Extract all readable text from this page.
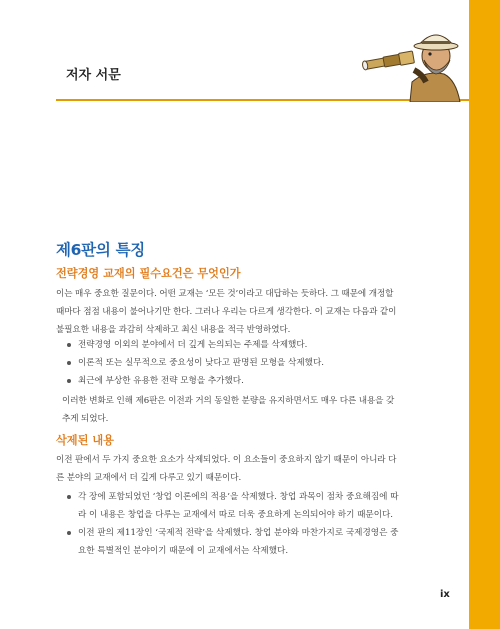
저자 서문
제6판의 특징
전략경영 교재의 필수요건은 무엇인가
이는 매우 중요한 질문이다. 어떤 교재는 ‘모든 것’이라고 대답하는 듯하다. 그 때문에 개정할
때마다 점점 내용이 불어나기만 한다. 그러나 우리는 다르게 생각한다. 이 교재는 다음과 같이
불필요한 내용을 과감히 삭제하고 최신 내용을 적극 반영하였다.
전략경영 이외의 분야에서 더 깊게 논의되는 주제를 삭제했다.
이론적 또는 실무적으로 중요성이 낮다고 판명된 모형을 삭제했다.
최근에 부상한 유용한 전략 모형을 추가했다.
이러한 변화로 인해 제6판은 이전과 거의 동일한 분량을 유지하면서도 매우 다른 내용을 갖
추게 되었다.
삭제된 내용
이전 판에서 두 가지 중요한 요소가 삭제되었다. 이 요소들이 중요하지 않기 때문이 아니라 다
른 분야의 교재에서 더 깊게 다루고 있기 때문이다.
각 장에 포함되었던 ‘창업 이론에의 적용’을 삭제했다. 창업 과목이 점차 중요해짐에 따
라 이 내용은 창업을 다루는 교재에서 따로 더욱 중요하게 논의되어야 하기 때문이다.
이전 판의 제11장인 ‘국제적 전략’을 삭제했다. 창업 분야와 마찬가지로 국제경영은 중
요한 특별적인 분야이기 때문에 이 교재에서는 삭제했다.
ix
